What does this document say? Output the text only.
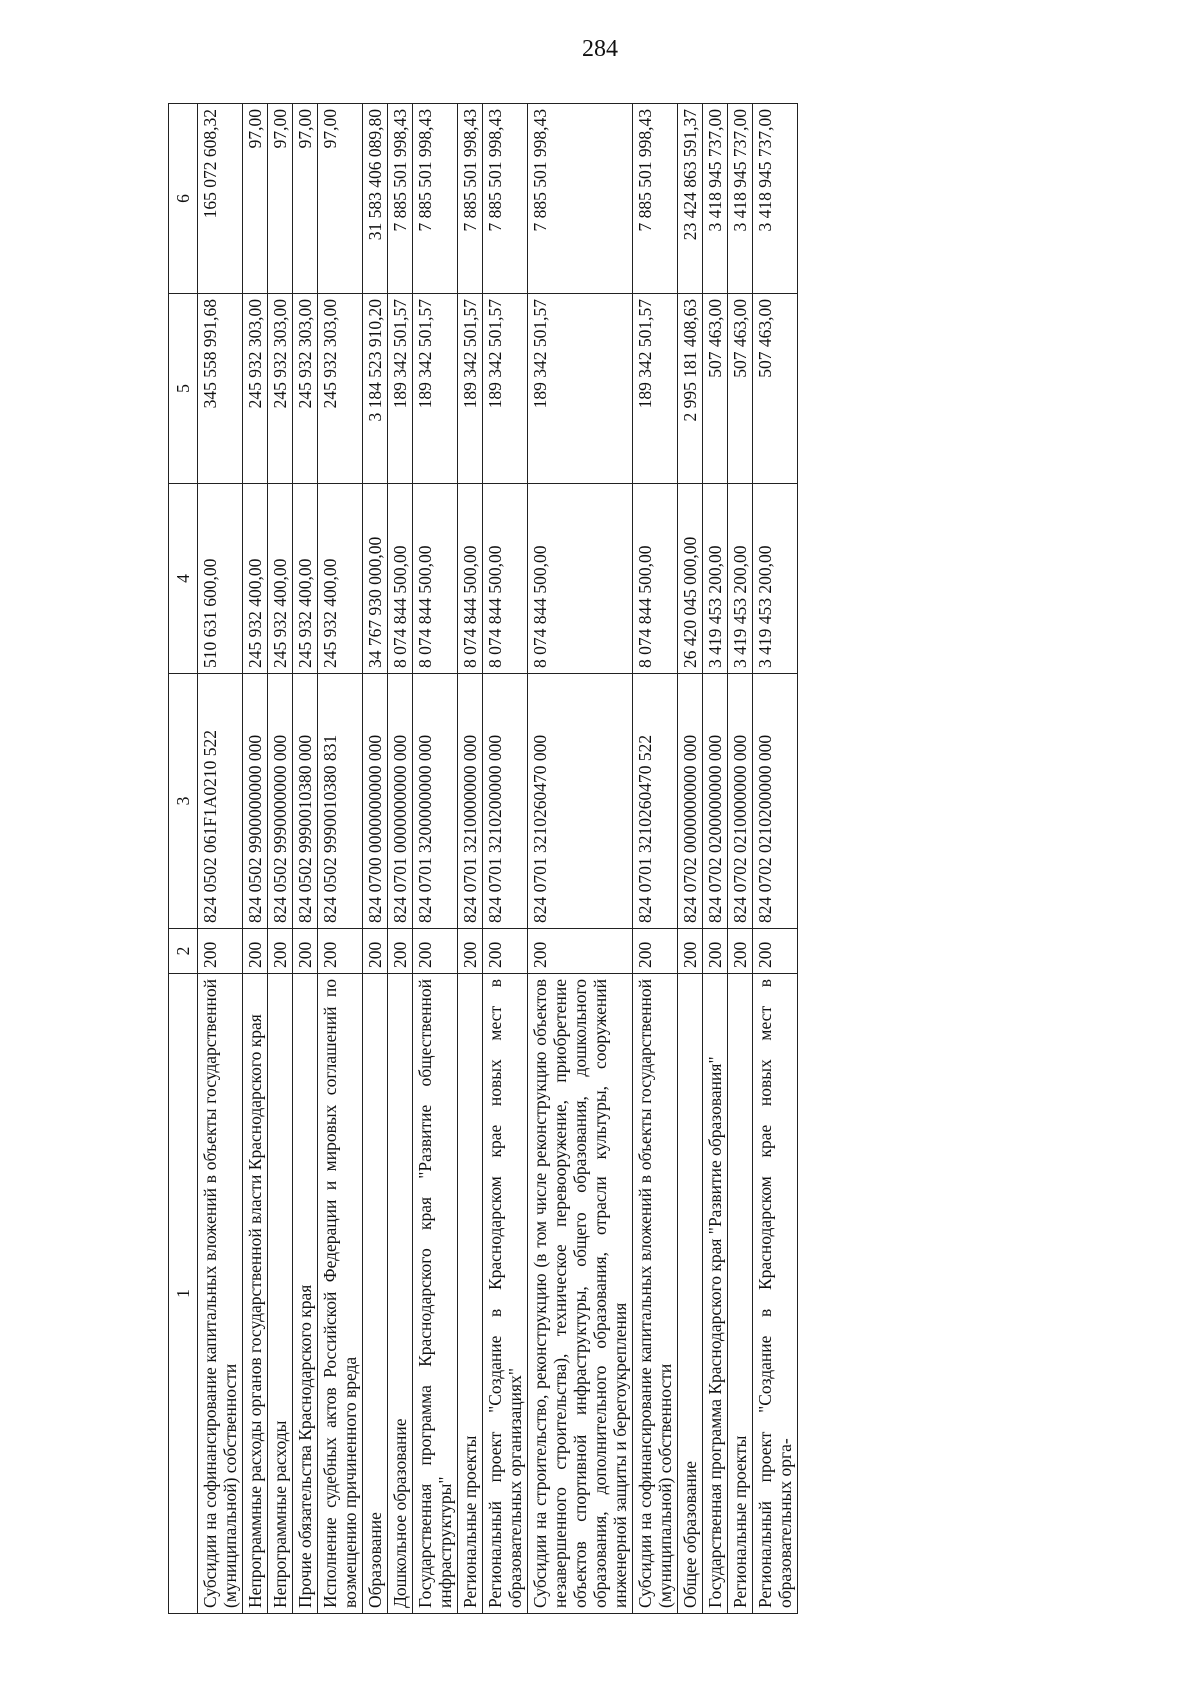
284
1	2	3	4	5	6
Субсидии на софинансирование капитальных вложений в объекты государственной (муниципальной) собственности	200	824 0502 061F1A0210 522	510 631 600,00	345 558 991,68	165 072 608,32
Непрограммные расходы органов государственной власти Краснодарского края	200	824 0502 9900000000 000	245 932 400,00	245 932 303,00	97,00
Непрограммные расходы	200	824 0502 9990000000 000	245 932 400,00	245 932 303,00	97,00
Прочие обязательства Краснодарского края	200	824 0502 9990010380 000	245 932 400,00	245 932 303,00	97,00
Исполнение судебных актов Российской Федерации и мировых соглашений по возмещению причиненного вреда	200	824 0502 9990010380 831	245 932 400,00	245 932 303,00	97,00
Образование	200	824 0700 0000000000 000	34 767 930 000,00	3 184 523 910,20	31 583 406 089,80
Дошкольное образование	200	824 0701 0000000000 000	8 074 844 500,00	189 342 501,57	7 885 501 998,43
Государственная программа Краснодарского края "Развитие общественной инфраструктуры"	200	824 0701 3200000000 000	8 074 844 500,00	189 342 501,57	7 885 501 998,43
Региональные проекты	200	824 0701 3210000000 000	8 074 844 500,00	189 342 501,57	7 885 501 998,43
Региональный проект "Создание в Краснодарском крае новых мест в образовательных организациях"	200	824 0701 3210200000 000	8 074 844 500,00	189 342 501,57	7 885 501 998,43
Субсидии на строительство, реконструкцию (в том числе реконструкцию объектов незавершенного строительства), техническое перевооружение, приобретение объектов спортивной инфраструктуры, общего образования, дошкольного образования, дополнительного образования, отрасли культуры, сооружений инженерной защиты и берегоукрепления	200	824 0701 3210260470 000	8 074 844 500,00	189 342 501,57	7 885 501 998,43
Субсидии на софинансирование капитальных вложений в объекты государственной (муниципальной) собственности	200	824 0701 3210260470 522	8 074 844 500,00	189 342 501,57	7 885 501 998,43
Общее образование	200	824 0702 0000000000 000	26 420 045 000,00	2 995 181 408,63	23 424 863 591,37
Государственная программа Краснодарского края "Развитие образования"	200	824 0702 0200000000 000	3 419 453 200,00	507 463,00	3 418 945 737,00
Региональные проекты	200	824 0702 0210000000 000	3 419 453 200,00	507 463,00	3 418 945 737,00
Региональный проект "Создание в Краснодарском крае новых мест в образовательных орга-	200	824 0702 0210200000 000	3 419 453 200,00	507 463,00	3 418 945 737,00
